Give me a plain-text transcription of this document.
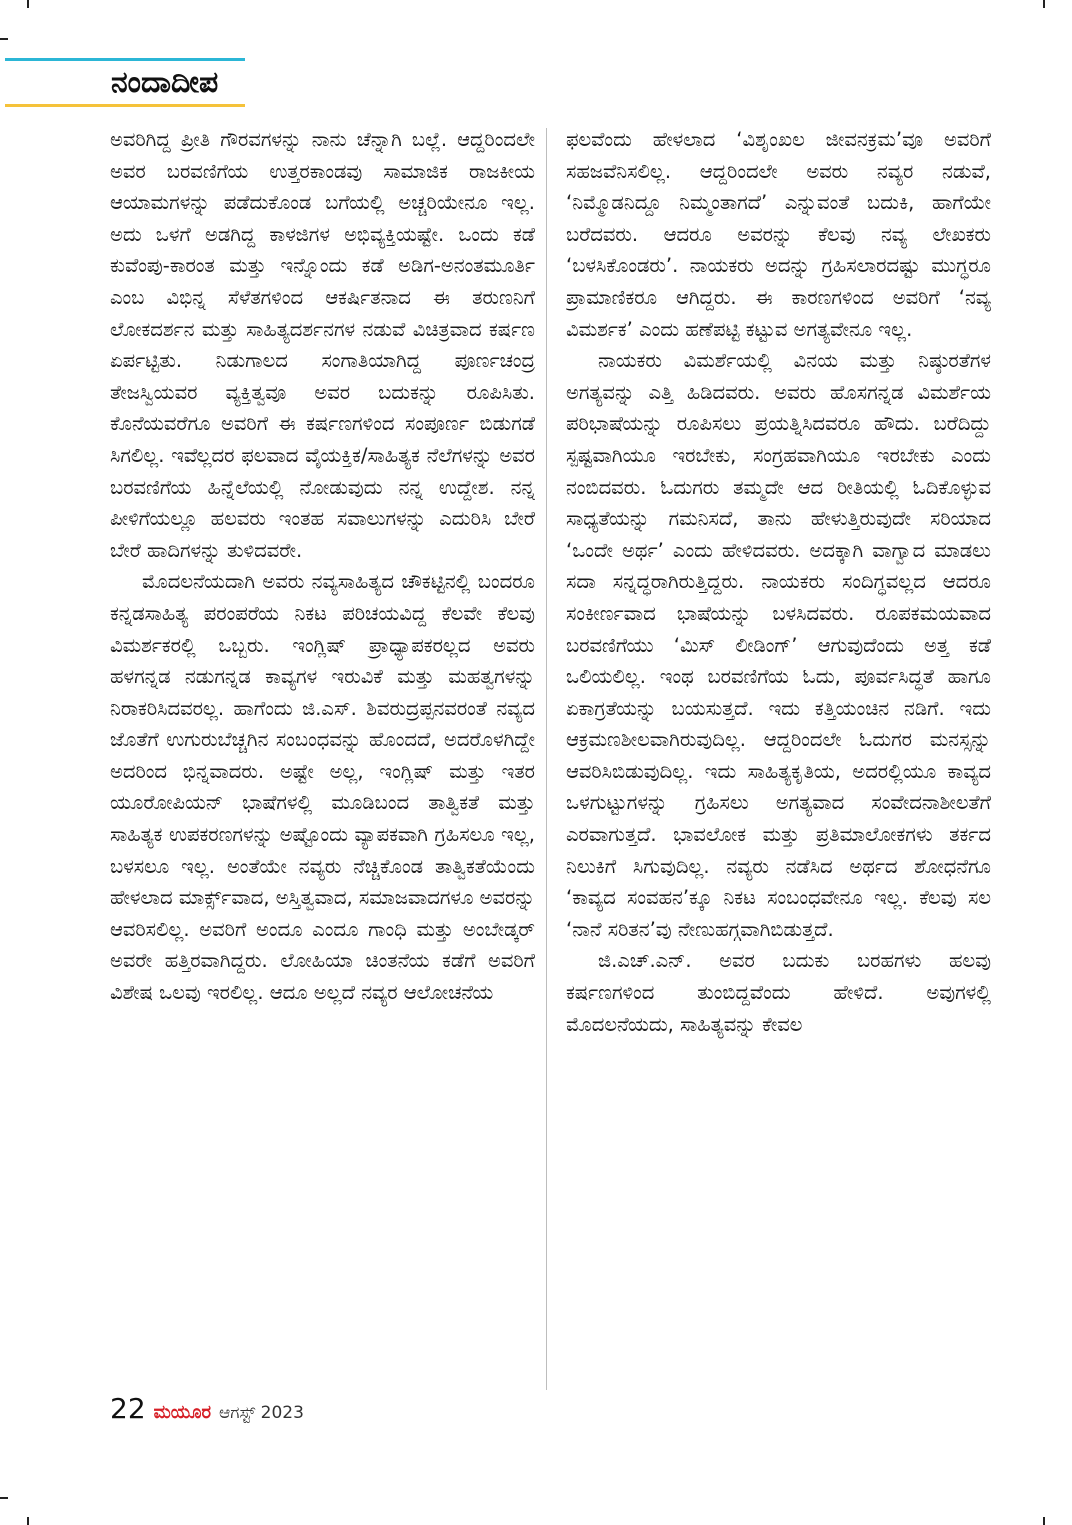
ನಂದಾದೀಪ

ಅವರಿಗಿದ್ದ ಪ್ರೀತಿ ಗೌರವಗಳನ್ನು ನಾನು ಚೆನ್ನಾಗಿ ಬಲ್ಲೆ. ಆದ್ದರಿಂದಲೇ ಅವರ ಬರವಣಿಗೆಯ ಉತ್ತರಕಾಂಡವು ಸಾಮಾಜಿಕ ರಾಜಕೀಯ ಆಯಾಮಗಳನ್ನು ಪಡೆದುಕೊಂಡ ಬಗೆಯಲ್ಲಿ ಅಚ್ಚರಿಯೇನೂ ಇಲ್ಲ. ಅದು ಒಳಗೆ ಅಡಗಿದ್ದ ಕಾಳಜಿಗಳ ಅಭಿವ್ಯಕ್ತಿಯಷ್ಟೇ. ಒಂದು ಕಡೆ ಕುವೆಂಪು-ಕಾರಂತ ಮತ್ತು ಇನ್ನೊಂದು ಕಡೆ ಅಡಿಗ-ಅನಂತಮೂರ್ತಿ ಎಂಬ ವಿಭಿನ್ನ ಸೆಳೆತಗಳಿಂದ ಆಕರ್ಷಿತನಾದ ಈ ತರುಣನಿಗೆ ಲೋಕದರ್ಶನ ಮತ್ತು ಸಾಹಿತ್ಯದರ್ಶನಗಳ ನಡುವೆ ವಿಚಿತ್ರವಾದ ಕರ್ಷಣ ಏರ್ಪಟ್ಟಿತು. ನಿಡುಗಾಲದ ಸಂಗಾತಿಯಾಗಿದ್ದ ಪೂರ್ಣಚಂದ್ರ ತೇಜಸ್ವಿಯವರ ವ್ಯಕ್ತಿತ್ವವೂ ಅವರ ಬದುಕನ್ನು ರೂಪಿಸಿತು. ಕೊನೆಯವರೆಗೂ ಅವರಿಗೆ ಈ ಕರ್ಷಣಗಳಿಂದ ಸಂಪೂರ್ಣ ಬಿಡುಗಡೆ ಸಿಗಲಿಲ್ಲ. ಇವೆಲ್ಲದರ ಫಲವಾದ ವೈಯಕ್ತಿಕ/ಸಾಹಿತ್ಯಕ ನೆಲೆಗಳನ್ನು ಅವರ ಬರವಣಿಗೆಯ ಹಿನ್ನೆಲೆಯಲ್ಲಿ ನೋಡುವುದು ನನ್ನ ಉದ್ದೇಶ. ನನ್ನ ಪೀಳಿಗೆಯಲ್ಲೂ ಹಲವರು ಇಂತಹ ಸವಾಲುಗಳನ್ನು ಎದುರಿಸಿ ಬೇರೆ ಬೇರೆ ಹಾದಿಗಳನ್ನು ತುಳಿದವರೇ.

ಮೊದಲನೆಯದಾಗಿ ಅವರು ನವ್ಯಸಾಹಿತ್ಯದ ಚೌಕಟ್ಟಿನಲ್ಲಿ ಬಂದರೂ ಕನ್ನಡಸಾಹಿತ್ಯ ಪರಂಪರೆಯ ನಿಕಟ ಪರಿಚಯವಿದ್ದ ಕೆಲವೇ ಕೆಲವು ವಿಮರ್ಶಕರಲ್ಲಿ ಒಬ್ಬರು. ಇಂಗ್ಲಿಷ್ ಪ್ರಾಧ್ಯಾಪಕರಲ್ಲದ ಅವರು ಹಳಗನ್ನಡ ನಡುಗನ್ನಡ ಕಾವ್ಯಗಳ ಇರುವಿಕೆ ಮತ್ತು ಮಹತ್ವಗಳನ್ನು ನಿರಾಕರಿಸಿದವರಲ್ಲ. ಹಾಗೆಂದು ಜಿ.ಎಸ್. ಶಿವರುದ್ರಪ್ಪನವರಂತೆ ನವ್ಯದ ಜೊತೆಗೆ ಉಗುರುಬೆಚ್ಚಗಿನ ಸಂಬಂಧವನ್ನು ಹೊಂದದೆ, ಅದರೊಳಗಿದ್ದೇ ಅದರಿಂದ ಭಿನ್ನವಾದರು. ಅಷ್ಟೇ ಅಲ್ಲ, ಇಂಗ್ಲಿಷ್ ಮತ್ತು ಇತರ ಯೂರೋಪಿಯನ್ ಭಾಷೆಗಳಲ್ಲಿ ಮೂಡಿಬಂದ ತಾತ್ವಿಕತೆ ಮತ್ತು ಸಾಹಿತ್ಯಕ ಉಪಕರಣಗಳನ್ನು ಅಷ್ಟೊಂದು ವ್ಯಾಪಕವಾಗಿ ಗ್ರಹಿಸಲೂ ಇಲ್ಲ, ಬಳಸಲೂ ಇಲ್ಲ. ಅಂತೆಯೇ ನವ್ಯರು ನೆಚ್ಚಿಕೊಂಡ ತಾತ್ವಿಕತೆಯೆಂದು ಹೇಳಲಾದ ಮಾರ್ಕ್ಸ್‌ವಾದ, ಅಸ್ತಿತ್ವವಾದ, ಸಮಾಜವಾದಗಳೂ ಅವರನ್ನು ಆವರಿಸಲಿಲ್ಲ. ಅವರಿಗೆ ಅಂದೂ ಎಂದೂ ಗಾಂಧಿ ಮತ್ತು ಅಂಬೇಡ್ಕರ್ ಅವರೇ ಹತ್ತಿರವಾಗಿದ್ದರು. ಲೋಹಿಯಾ ಚಿಂತನೆಯ ಕಡೆಗೆ ಅವರಿಗೆ ವಿಶೇಷ ಒಲವು ಇರಲಿಲ್ಲ. ಆದೂ ಅಲ್ಲದೆ ನವ್ಯರ ಆಲೋಚನೆಯ

ಫಲವೆಂದು ಹೇಳಲಾದ ‘ವಿಶೃಂಖಲ ಜೀವನಕ್ರಮ’ವೂ ಅವರಿಗೆ ಸಹಜವೆನಿಸಲಿಲ್ಲ. ಆದ್ದರಿಂದಲೇ ಅವರು ನವ್ಯರ ನಡುವೆ, ‘ನಿಮ್ಮೊಡನಿದ್ದೂ ನಿಮ್ಮಂತಾಗದೆ’ ಎನ್ನುವಂತೆ ಬದುಕಿ, ಹಾಗೆಯೇ ಬರೆದವರು. ಆದರೂ ಅವರನ್ನು ಕೆಲವು ನವ್ಯ ಲೇಖಕರು ‘ಬಳಸಿಕೊಂಡರು’. ನಾಯಕರು ಅದನ್ನು ಗ್ರಹಿಸಲಾರದಷ್ಟು ಮುಗ್ಧರೂ ಪ್ರಾಮಾಣಿಕರೂ ಆಗಿದ್ದರು. ಈ ಕಾರಣಗಳಿಂದ ಅವರಿಗೆ ‘ನವ್ಯ ವಿಮರ್ಶಕ’ ಎಂದು ಹಣೆಪಟ್ಟಿ ಕಟ್ಟುವ ಅಗತ್ಯವೇನೂ ಇಲ್ಲ.

ನಾಯಕರು ವಿಮರ್ಶೆಯಲ್ಲಿ ವಿನಯ ಮತ್ತು ನಿಷ್ಠುರತೆಗಳ ಅಗತ್ಯವನ್ನು ಎತ್ತಿ ಹಿಡಿದವರು. ಅವರು ಹೊಸಗನ್ನಡ ವಿಮರ್ಶೆಯ ಪರಿಭಾಷೆಯನ್ನು ರೂಪಿಸಲು ಪ್ರಯತ್ನಿಸಿದವರೂ ಹೌದು. ಬರೆದಿದ್ದು ಸ್ಪಷ್ಟವಾಗಿಯೂ ಇರಬೇಕು, ಸಂಗ್ರಹವಾಗಿಯೂ ಇರಬೇಕು ಎಂದು ನಂಬಿದವರು. ಓದುಗರು ತಮ್ಮದೇ ಆದ ರೀತಿಯಲ್ಲಿ ಓದಿಕೊಳ್ಳುವ ಸಾಧ್ಯತೆಯನ್ನು ಗಮನಿಸದೆ, ತಾನು ಹೇಳುತ್ತಿರುವುದೇ ಸರಿಯಾದ ‘ಒಂದೇ ಅರ್ಥ’ ಎಂದು ಹೇಳಿದವರು. ಅದಕ್ಕಾಗಿ ವಾಗ್ವಾದ ಮಾಡಲು ಸದಾ ಸನ್ನದ್ಧರಾಗಿರುತ್ತಿದ್ದರು. ನಾಯಕರು ಸಂದಿಗ್ಧವಲ್ಲದ ಆದರೂ ಸಂಕೀರ್ಣವಾದ ಭಾಷೆಯನ್ನು ಬಳಸಿದವರು. ರೂಪಕಮಯವಾದ ಬರವಣಿಗೆಯು ‘ಮಿಸ್ ಲೀಡಿಂಗ್’ ಆಗುವುದೆಂದು ಅತ್ತ ಕಡೆ ಒಲಿಯಲಿಲ್ಲ. ಇಂಥ ಬರವಣಿಗೆಯ ಓದು, ಪೂರ್ವಸಿದ್ಧತೆ ಹಾಗೂ ಏಕಾಗ್ರತೆಯನ್ನು ಬಯಸುತ್ತದೆ. ಇದು ಕತ್ತಿಯಂಚಿನ ನಡಿಗೆ. ಇದು ಆಕ್ರಮಣಶೀಲವಾಗಿರುವುದಿಲ್ಲ. ಆದ್ದರಿಂದಲೇ ಓದುಗರ ಮನಸ್ಸನ್ನು ಆವರಿಸಿಬಿಡುವುದಿಲ್ಲ. ಇದು ಸಾಹಿತ್ಯಕೃತಿಯ, ಅದರಲ್ಲಿಯೂ ಕಾವ್ಯದ ಒಳಗುಟ್ಟುಗಳನ್ನು ಗ್ರಹಿಸಲು ಅಗತ್ಯವಾದ ಸಂವೇದನಾಶೀಲತೆಗೆ ಎರವಾಗುತ್ತದೆ. ಭಾವಲೋಕ ಮತ್ತು ಪ್ರತಿಮಾಲೋಕಗಳು ತರ್ಕದ ನಿಲುಕಿಗೆ ಸಿಗುವುದಿಲ್ಲ. ನವ್ಯರು ನಡೆಸಿದ ಅರ್ಥದ ಶೋಧನೆಗೂ ‘ಕಾವ್ಯದ ಸಂವಹನ’ಕ್ಕೂ ನಿಕಟ ಸಂಬಂಧವೇನೂ ಇಲ್ಲ. ಕೆಲವು ಸಲ ‘ನಾನೆ ಸರಿತನ’ವು ನೇಣುಹಗ್ಗವಾಗಿಬಿಡುತ್ತದೆ.

ಜಿ.ಎಚ್.ಎನ್. ಅವರ ಬದುಕು ಬರಹಗಳು ಹಲವು ಕರ್ಷಣಗಳಿಂದ ತುಂಬಿದ್ದವೆಂದು ಹೇಳಿದೆ. ಅವುಗಳಲ್ಲಿ ಮೊದಲನೆಯದು, ಸಾಹಿತ್ಯವನ್ನು ಕೇವಲ

22 ಮಯೂರ ಆಗಸ್ಟ್ 2023
